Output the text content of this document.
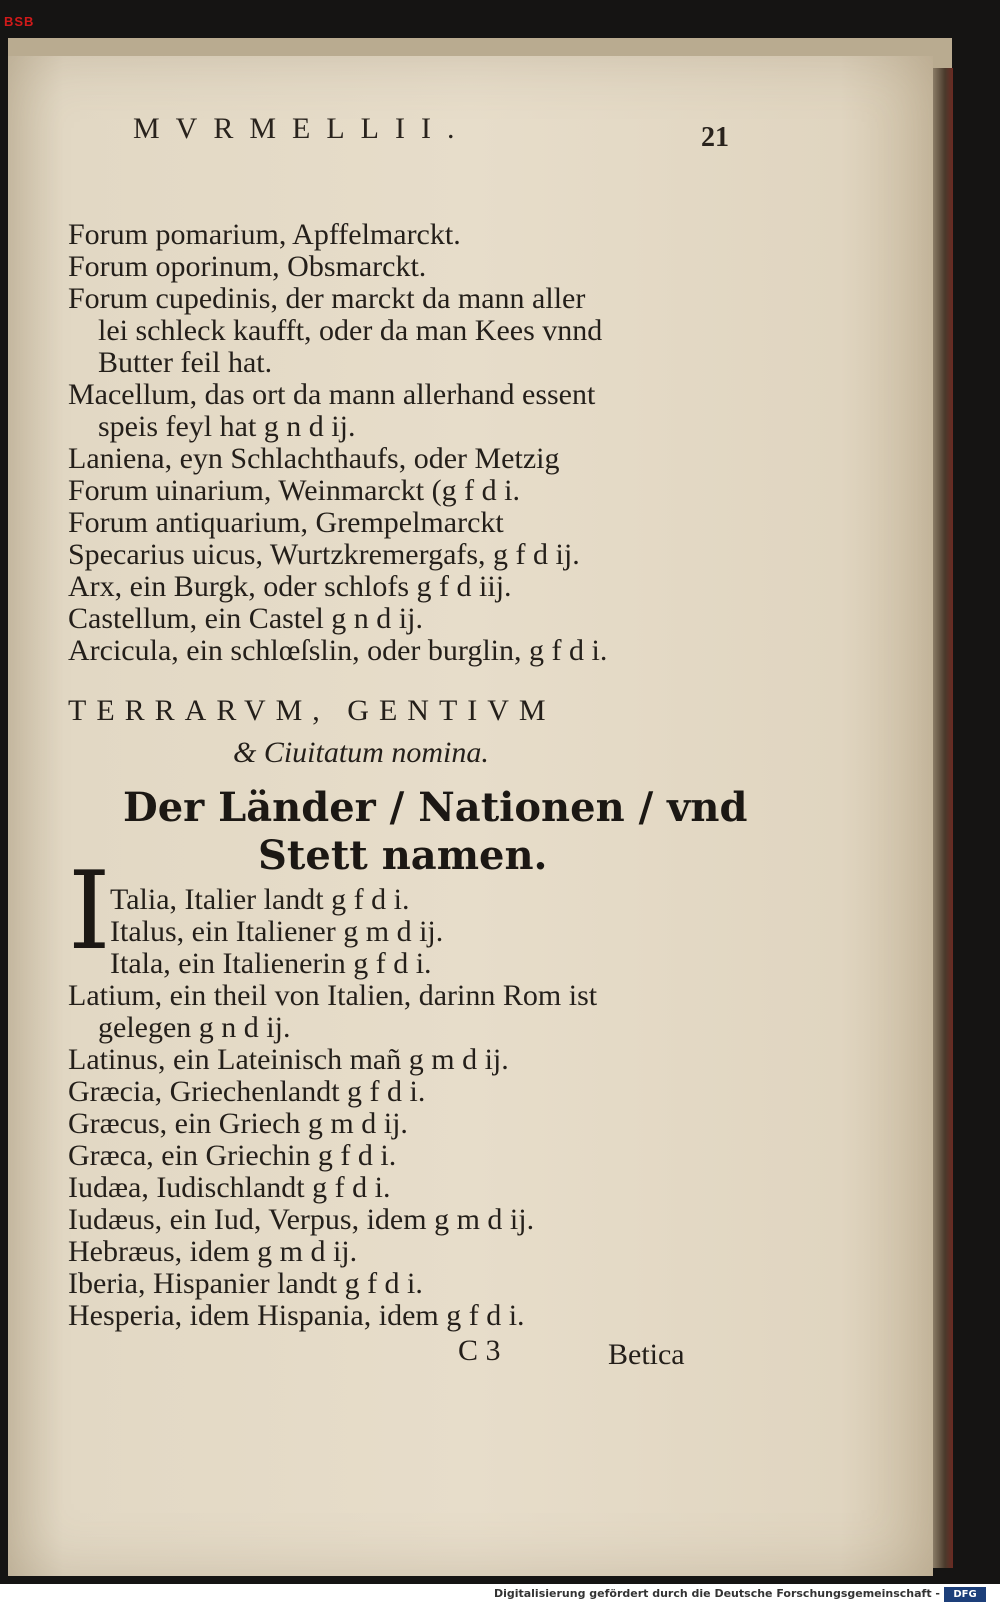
BSB
MVRMELLII.	21
Forum pomarium, Apffelmarckt.
Forum oporinum, Obsmarckt.
Forum cupedinis, der marckt da mann aller
lei schleck kaufft, oder da man Kees vnnd
Butter feil hat.
Macellum, das ort da mann allerhand essent
speis feyl hat g n d ij.
Laniena, eyn Schlachthaufs, oder Metzig
Forum uinarium, Weinmarckt (g f d i.
Forum antiquarium, Grempelmarckt
Specarius uicus, Wurtzkremergafs, g f d ij.
Arx, ein Burgk, oder schlofs g f d iij.
Castellum, ein Castel g n d ij.
Arcicula, ein schlœſslin, oder burglin, g f d i.
TERRARVM, GENTIVM
& Ciuitatum nomina.
Der Länder / Nationen / vnd
Stett namen.
I Talia, Italier landt g f d i.
Italus, ein Italiener g m d ij.
Itala, ein Italienerin g f d i.
Latium, ein theil von Italien, darinn Rom ist
gelegen g n d ij.
Latinus, ein Lateinisch mañ g m d ij.
Græcia, Griechenlandt g f d i.
Græcus, ein Griech g m d ij.
Græca, ein Griechin g f d i.
Iudæa, Iudischlandt g f d i.
Iudæus, ein Iud, Verpus, idem g m d ij.
Hebræus, idem g m d ij.
Iberia, Hispanier landt g f d i.
Hesperia, idem Hispania, idem g f d i.
C 3	Betica
Digitalisierung gefördert durch die Deutsche Forschungsgemeinschaft -	DFG
